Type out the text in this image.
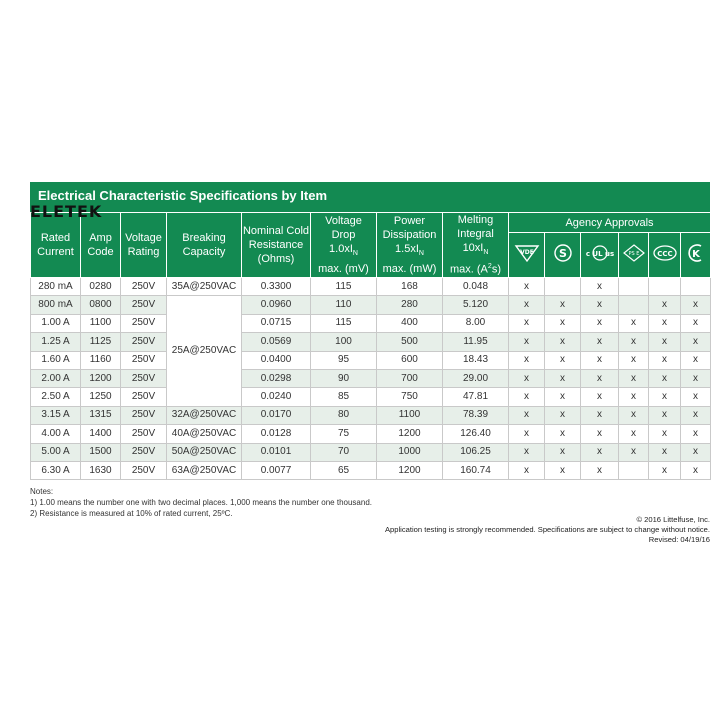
Electrical Characteristic Specifications by Item
ELETEK
Rated Current	Amp Code	Voltage Rating	Breaking Capacity	Nominal Cold Resistance (Ohms)	Voltage
Drop
$1.0xI_N$
max. (mV)	Power
Dissipation
$1.5xI_N$
max. (mW)	Melting
Integral
$10xI_N$
max. $(A^2s)$	Agency Approvals					

VDE	S	c UL us	PS E	CCC	K

280 mA	0280	250V	35A@250VAC	0.3300	115	168	0.048	x		x			
800 mA	0800	250V	25A@250VAC	0.0960	110	280	5.120	x	x	x		x	x
1.00 A	1100	250V		0.0715	115	400	8.00	x	x	x	x	x	x
1.25 A	1125	250V		0.0569	100	500	11.95	x	x	x	x	x	x
1.60 A	1160	250V		0.0400	95	600	18.43	x	x	x	x	x	x
2.00 A	1200	250V		0.0298	90	700	29.00	x	x	x	x	x	x
2.50 A	1250	250V		0.0240	85	750	47.81	x	x	x	x	x	x
3.15 A	1315	250V	32A@250VAC	0.0170	80	1100	78.39	x	x	x	x	x	x
4.00 A	1400	250V	40A@250VAC	0.0128	75	1200	126.40	x	x	x	x	x	x
5.00 A	1500	250V	50A@250VAC	0.0101	70	1000	106.25	x	x	x	x	x	x
6.30 A	1630	250V	63A@250VAC	0.0077	65	1200	160.74	x	x	x		x	x
Notes:
1) 1.00 means the number one with two decimal places. 1,000 means the number one thousand.
2) Resistance is measured at 10% of rated current, 25ºC.
© 2016 Littelfuse, Inc.
Application testing is strongly recommended. Specifications are subject to change without notice.
Revised: 04/19/16
